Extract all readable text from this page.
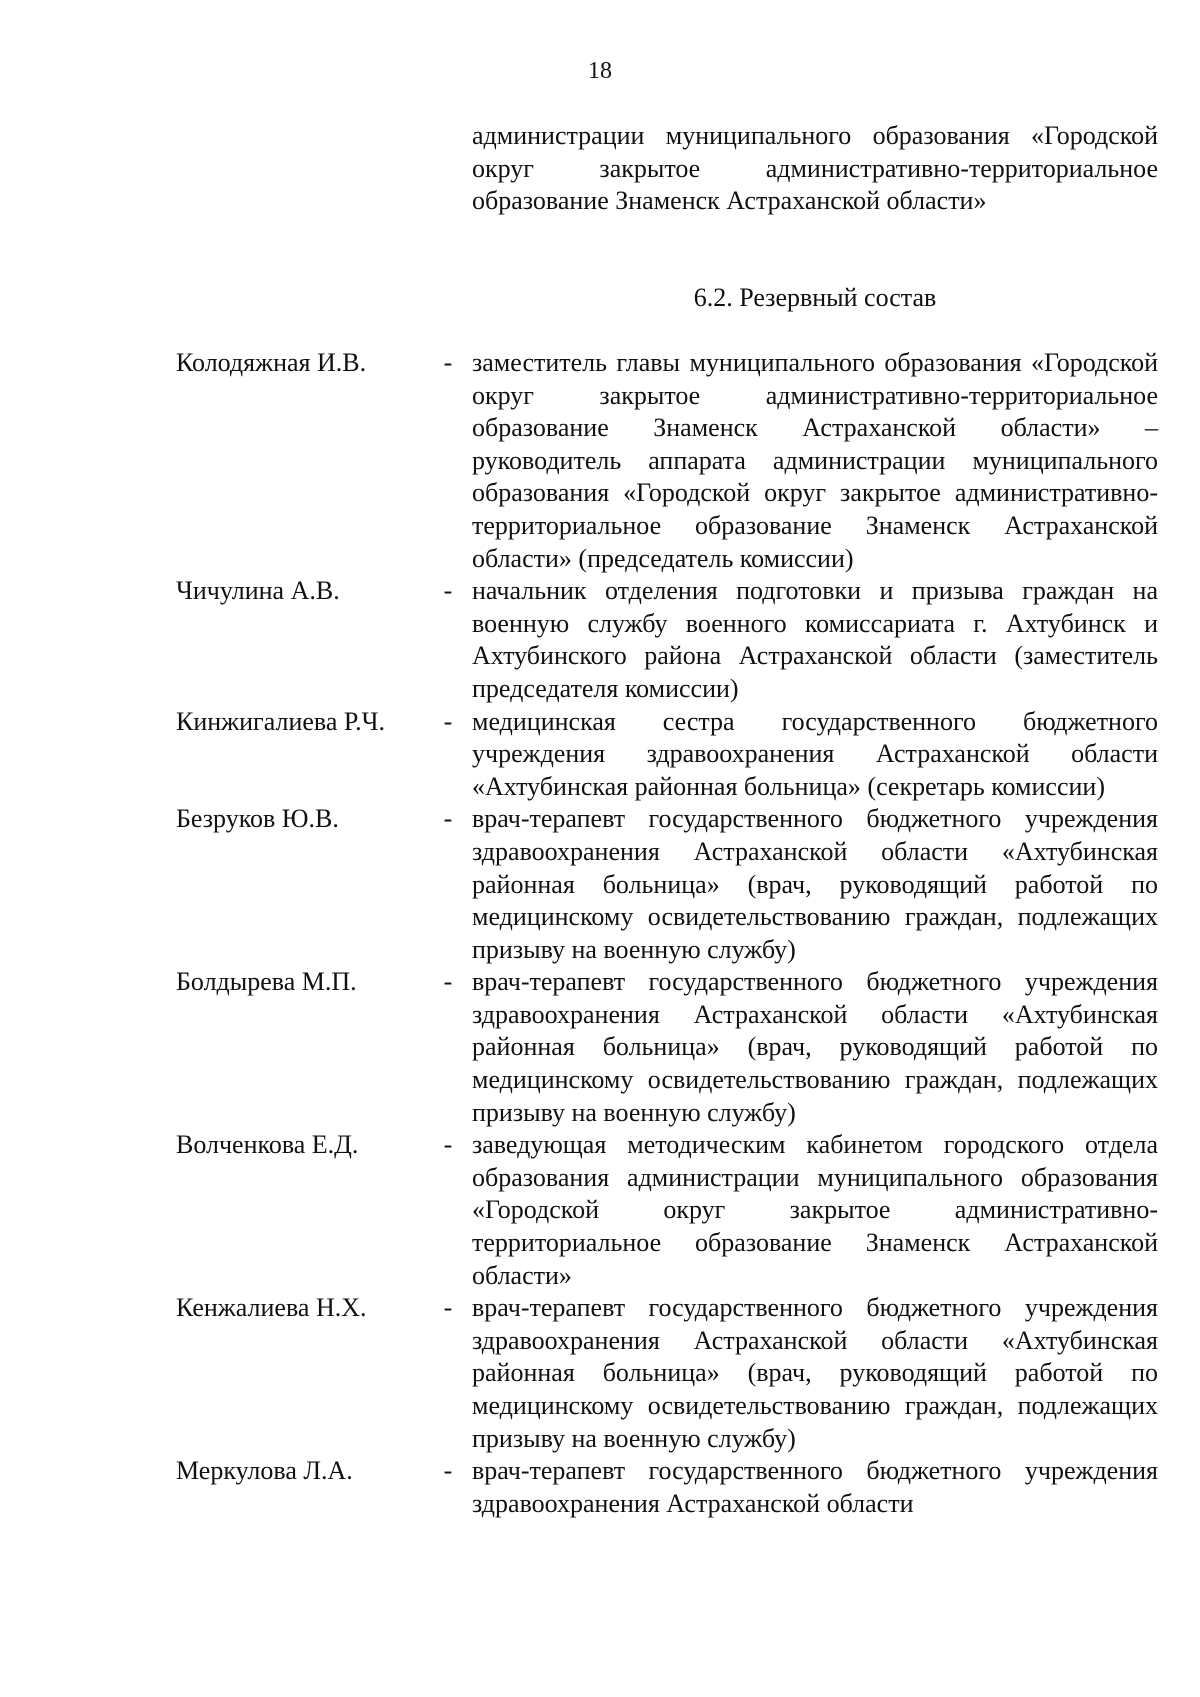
18
администрации муниципального образования «Городской округ закрытое административно-территориальное образование Знаменск Астраханской области»
6.2. Резервный состав
Колодяжная И.В.	- заместитель главы муниципального образования «Городской округ закрытое административно-территориальное образование Знаменск Астраханской области» – руководитель аппарата администрации муниципального образования «Городской округ закрытое административно-территориальное образование Знаменск Астраханской области» (председатель комиссии)
Чичулина А.В.	- начальник отделения подготовки и призыва граждан на военную службу военного комиссариата г. Ахтубинск и Ахтубинского района Астраханской области (заместитель председателя комиссии)
Кинжигалиева Р.Ч.	- медицинская сестра государственного бюджетного учреждения здравоохранения Астраханской области «Ахтубинская районная больница» (секретарь комиссии)
Безруков Ю.В.	- врач-терапевт государственного бюджетного учреждения здравоохранения Астраханской области «Ахтубинская районная больница» (врач, руководящий работой по медицинскому освидетельствованию граждан, подлежащих призыву на военную службу)
Болдырева М.П.	- врач-терапевт государственного бюджетного учреждения здравоохранения Астраханской области «Ахтубинская районная больница» (врач, руководящий работой по медицинскому освидетельствованию граждан, подлежащих призыву на военную службу)
Волченкова Е.Д.	- заведующая методическим кабинетом городского отдела образования администрации муниципального образования «Городской округ закрытое административно-территориальное образование Знаменск Астраханской области»
Кенжалиева Н.Х.	- врач-терапевт государственного бюджетного учреждения здравоохранения Астраханской области «Ахтубинская районная больница» (врач, руководящий работой по медицинскому освидетельствованию граждан, подлежащих призыву на военную службу)
Меркулова Л.А.	- врач-терапевт государственного бюджетного учреждения здравоохранения Астраханской области
